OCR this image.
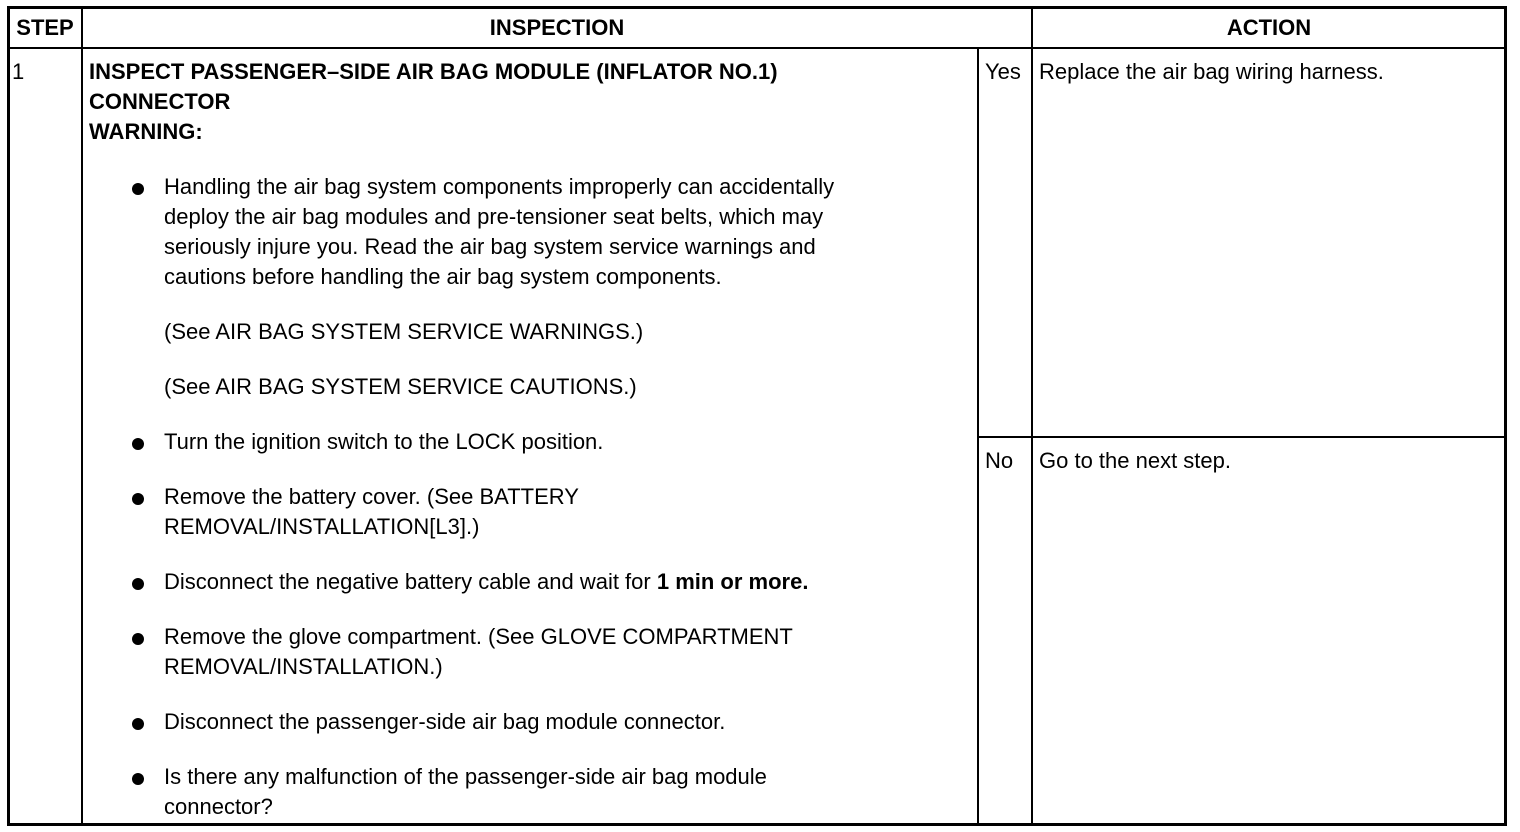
STEP	INSPECTION	ACTION
1	INSPECT PASSENGER–SIDE AIR BAG MODULE (INFLATOR NO.1)
CONNECTOR
WARNING:
Handling the air bag system components improperly can accidentally
deploy the air bag modules and pre-tensioner seat belts, which may
seriously injure you. Read the air bag system service warnings and
cautions before handling the air bag system components.
(See AIR BAG SYSTEM SERVICE WARNINGS.)
(See AIR BAG SYSTEM SERVICE CAUTIONS.)
Turn the ignition switch to the LOCK position.
Remove the battery cover. (See BATTERY
REMOVAL/INSTALLATION[L3].)
Disconnect the negative battery cable and wait for 1 min or more.
Remove the glove compartment. (See GLOVE COMPARTMENT
REMOVAL/INSTALLATION.)
Disconnect the passenger-side air bag module connector.
Is there any malfunction of the passenger-side air bag module
connector?
Yes Replace the air bag wiring harness.
No Go to the next step.
